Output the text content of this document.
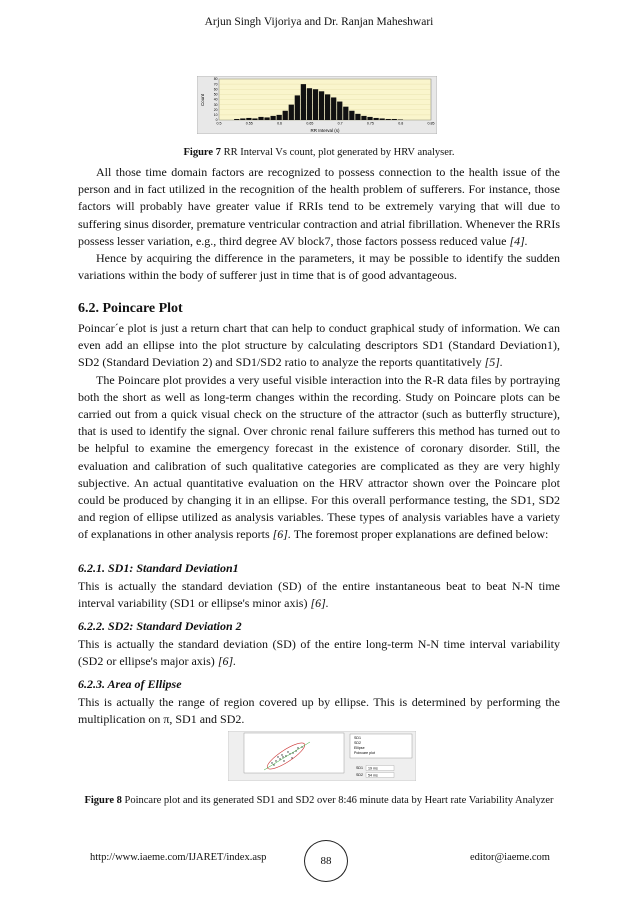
Arjun Singh Vijoriya and Dr. Ranjan Maheshwari
0.5	0.55	0.6	0.65	0.7	0.75	0.8	0.85
0
10
20
30
40
50
60
70
80
RR Interval (s)
Count
Figure 7 RR Interval Vs count, plot generated by HRV analyser.

All those time domain factors are recognized to possess connection to the health issue of the person and in fact utilized in the recognition of the health problem of sufferers. For instance, those factors will probably have greater value if RRIs tend to be extremely varying that will due to suffering sinus disorder, premature ventricular contraction and atrial fibrillation. Whenever the RRIs possess lesser variation, e.g., third degree AV block7, those factors possess reduced value [4].

Hence by acquiring the difference in the parameters, it may be possible to identify the sudden variations within the body of sufferer just in time that is of good advantageous.

6.2. Poincare Plot

Poincar´e plot is just a return chart that can help to conduct graphical study of information. We can even add an ellipse into the plot structure by calculating descriptors SD1 (Standard Deviation1), SD2 (Standard Deviation 2) and SD1/SD2 ratio to analyze the reports quantitatively [5].

The Poincare plot provides a very useful visible interaction into the R-R data files by portraying both the short as well as long-term changes within the recording. Study on Poincare plots can be carried out from a quick visual check on the structure of the attractor (such as butterfly structure), that is used to identify the signal. Over chronic renal failure sufferers this method has turned out to be helpful to examine the emergency forecast in the existence of coronary disorder. Still, the evaluation and calibration of such qualitative categories are complicated as they are very highly subjective. An actual quantitative evaluation on the HRV attractor shown over the Poincare plot could be produced by changing it in an ellipse. For this overall performance testing, the SD1, SD2 and region of ellipse utilized as analysis variables. These types of analysis variables have a variety of explanations in other analysis reports [6]. The foremost proper explanations are defined below:

6.2.1. SD1: Standard Deviation1

This is actually the standard deviation (SD) of the entire instantaneous beat to beat N-N time interval variability (SD1 or ellipse's minor axis) [6].

6.2.2. SD2: Standard Deviation 2

This is actually the standard deviation (SD) of the entire long-term N-N time interval variability (SD2 or ellipse's major axis) [6].

6.2.3. Area of Ellipse

This is actually the range of region covered up by ellipse. This is determined by performing the multiplication on π, SD1 and SD2.

SD1
SD2
Ellipse
Poincare plot
SD1 19 ms
SD2 54 ms
Figure 8 Poincare plot and its generated SD1 and SD2 over 8:46 minute data by Heart rate Variability Analyzer
http://www.iaeme.com/IJARET/index.asp	88	editor@iaeme.com
